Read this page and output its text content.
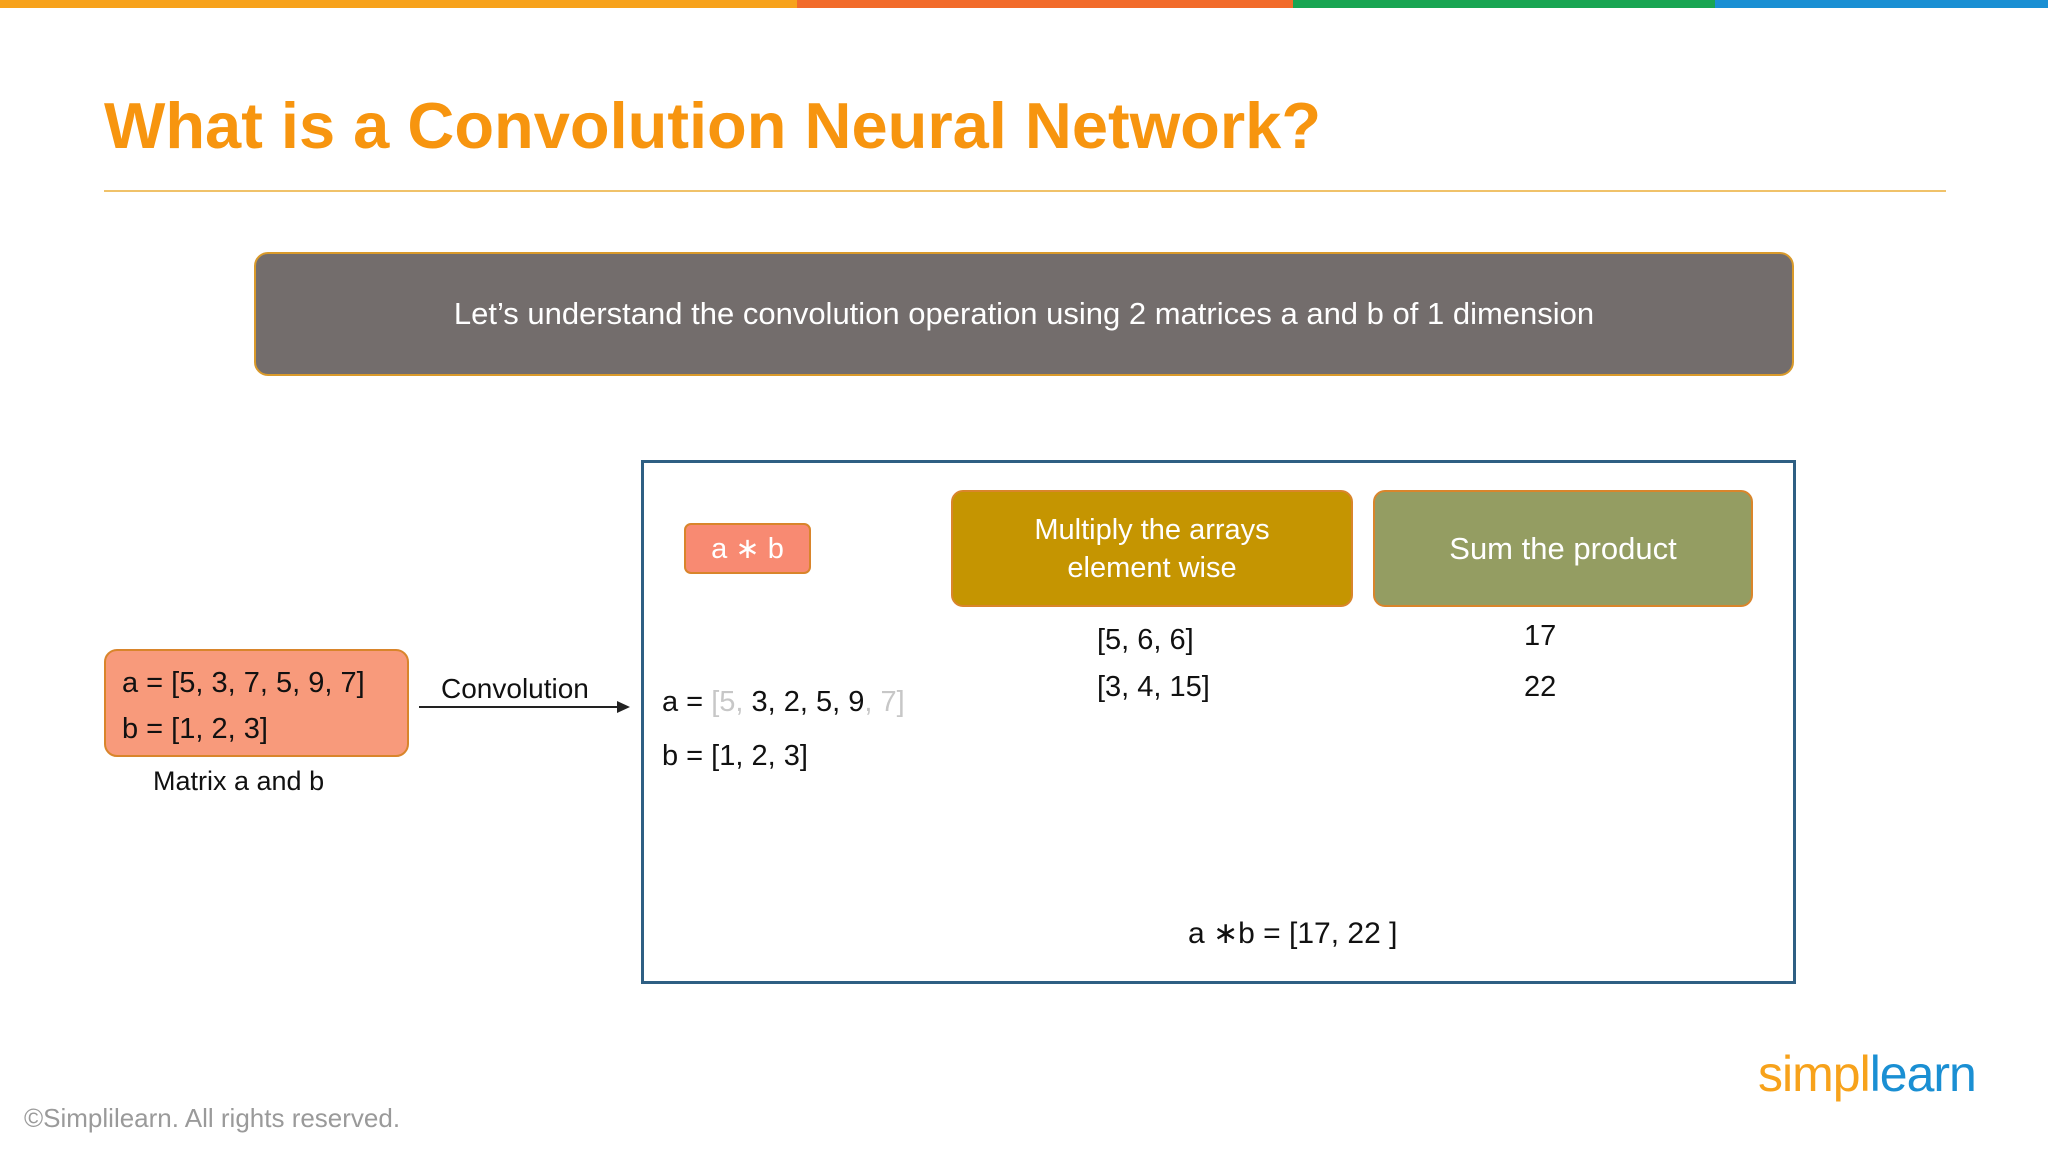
What is a Convolution Neural Network?
Let’s understand the convolution operation using 2 matrices a and b of 1 dimension
a = [5, 3, 7, 5, 9, 7]
b = [1, 2, 3]
Matrix a and b
Convolution
a ∗ b
Multiply the arrays
element wise
Sum the product
[5, 6, 6]
[3, 4, 15]
17
22
a = [5, 3, 2, 5, 9, 7]
b = [1, 2, 3]
a ∗b = [17, 22 ]
©Simplilearn. All rights reserved.
simpllearn
